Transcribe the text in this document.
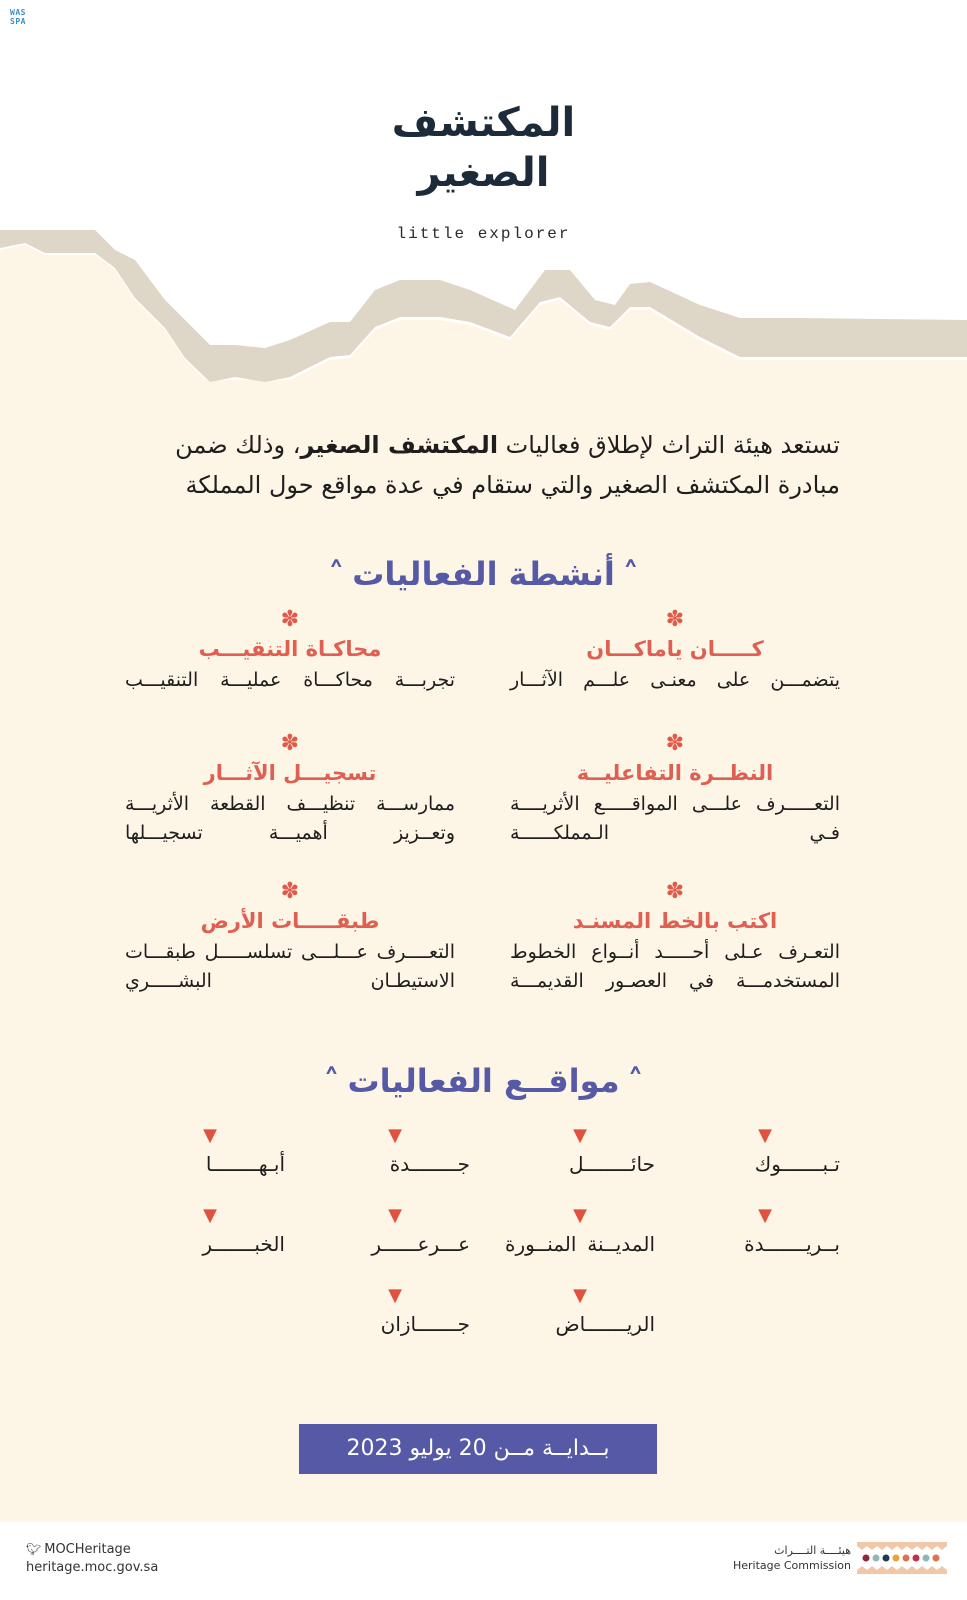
WAS
SPA
المكتشف
الصغير
little explorer

تستعد هيئة التراث لإطلاق فعاليات المكتشف الصغير، وذلك ضمن مبادرة المكتشف الصغير والتي ستقام في عدة مواقع حول المملكة

˄أنشطة الفعاليات˄
✽
كـــــان ياماكـــان
يتضمـــن على معنـى علـــم الآثـــار
✽
محاكـاة التنقيـــب
تجربـــة محاكـــاة عمليـــة التنقيـــب
✽
النظــرة التفاعليــة
التعـــــرف علـــى المواقـــــع الأثريــــة فـي الـمملكــــــة
✽
تسجيـــل الآثـــار
ممارســـة تنظيـــف القطعة الأثريـــة وتعــزيز أهميـــة تسجيـــلها
✽
اكتب بالخط المسنـد
التعـرف عـلى أحـــــد أنــواع الخطوط المستخدمـــة في العصـور القديمـــة
✽
طبقـــــات الأرض
التعــــرف عـــلـــى تسلســـــل طبقـــات الاستيطـان البشـــــري
˄مواقــع الفعاليات˄
▼
تـبـــــــوك
▼
حائــــــــل
▼
جــــــــدة
▼
أبـهــــــــا
▼
بــريـــــــدة
▼
المديــنة المنــورة
▼
عـــرعــــــر
▼
الخبـــــــر
▼
الريـــــــاض
▼
جـــــــازان
بــدايــة مــن 20 يوليو 2023
🐦︎ MOCHeritage
heritage.moc.gov.sa
هيئــــة التــــراث
Heritage Commission
